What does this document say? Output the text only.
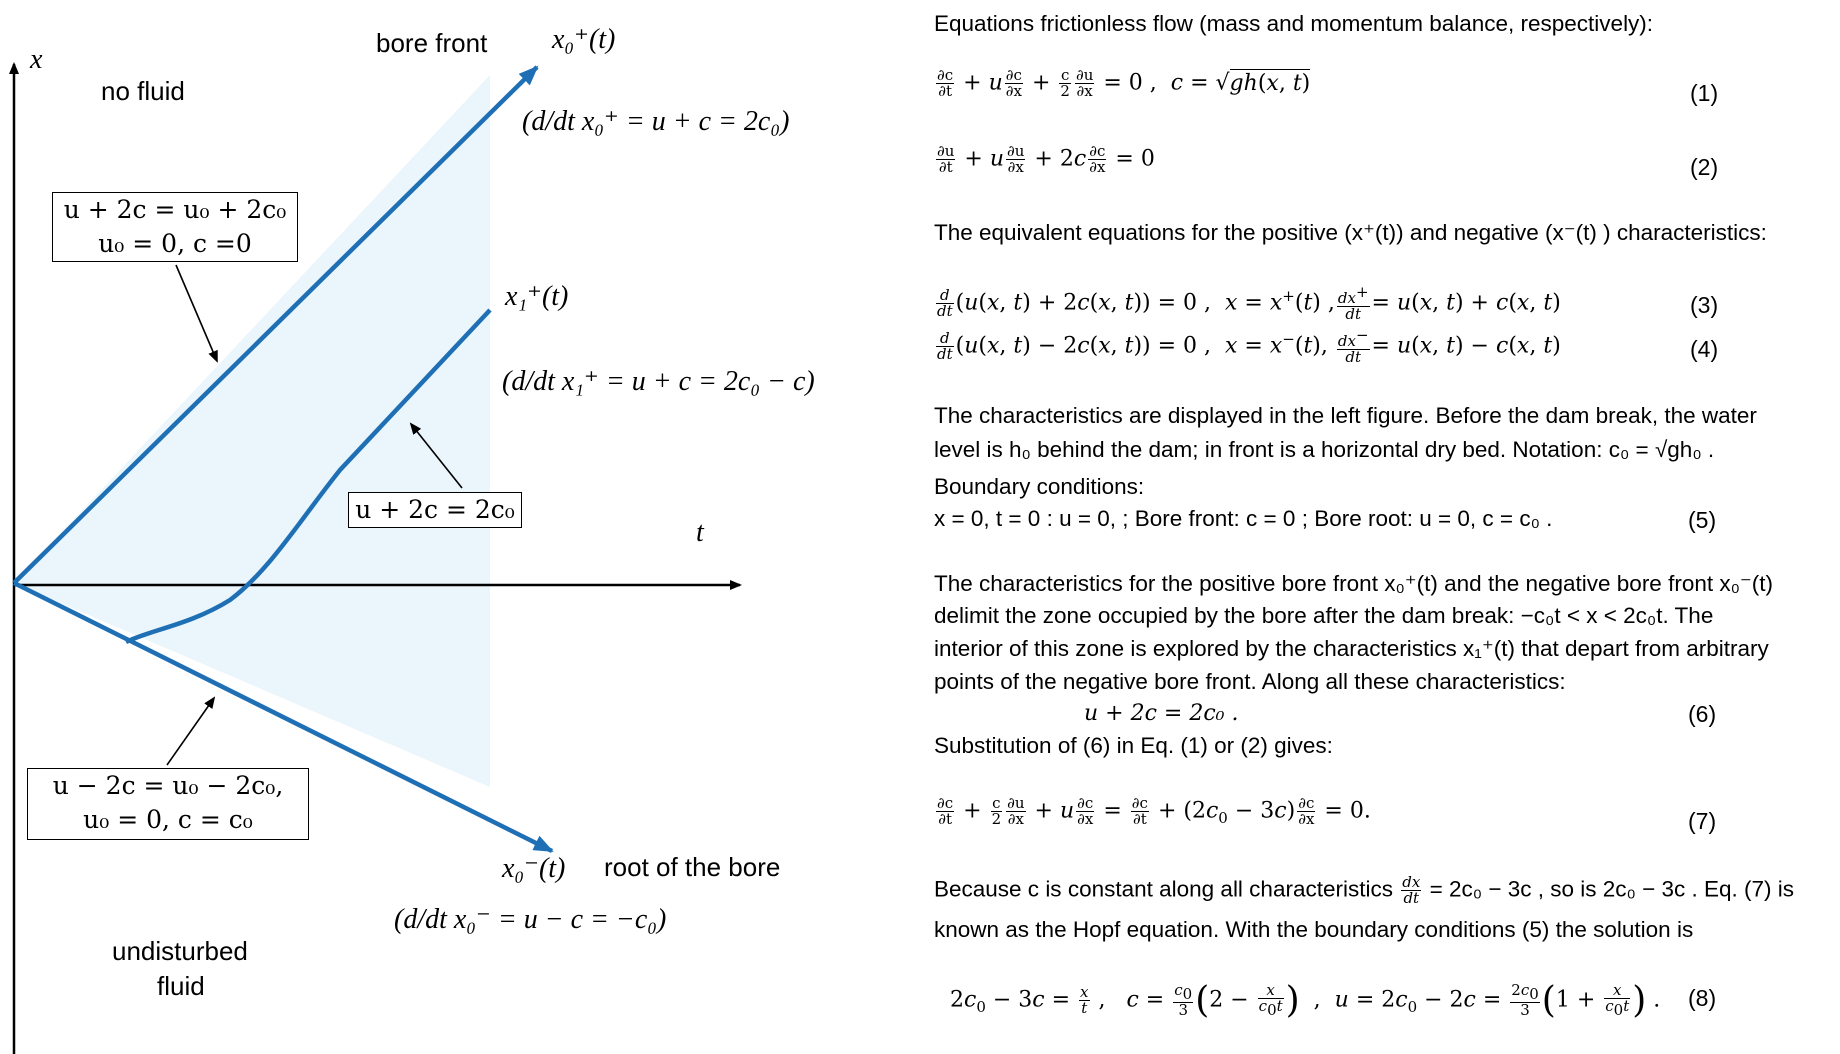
x
t
no fluid
bore front
root of the bore
undisturbed
fluid
x₀⁺(t)
x₁⁺(t)
x₀⁻(t)
(d/dt x₀⁺ = u + c = 2c₀)
(d/dt x₁⁺ = u + c = 2c₀ − c)
(d/dt x₀⁻ = u − c = −c₀)
u + 2c = u₀ + 2c₀
u₀ = 0, c =0
u + 2c = 2c₀
u − 2c = u₀ − 2c₀,
u₀ = 0, c = c₀
Equations frictionless flow (mass and momentum balance, respectively):
$\frac{\partial c}{\partial t} + u \frac{\partial c}{\partial x} + \frac{c}{2} \frac{\partial u}{\partial x} = 0$ ,  c = √gh(x, t)	(1)
$\frac{\partial u}{\partial t} + u \frac{\partial u}{\partial x} + 2c \frac{\partial c}{\partial x} = 0$	(2)
The equivalent equations for the positive (x⁺(t)) and negative (x⁻(t) ) characteristics:
$\frac{d}{dt} (u(x$, t) + 2c(x, t)) = 0 ,  x = x+(t) , $\frac{dx^+}{dt} = u(x$, t) + c(x, t)	(3)
$\frac{d}{dt} (u(x$, t) − 2c(x, t)) = 0 ,  x = x−(t), $\frac{dx^-}{dt} = u(x$, t) − c(x, t)	(4)
The characteristics are displayed in the left figure. Before the dam break, the water
level is h₀ behind the dam; in front is a horizontal dry bed. Notation: c₀ = √gh₀ .
Boundary conditions:
x = 0, t = 0 : u = 0, ; Bore front: c = 0 ; Bore root: u = 0, c = c₀ .	(5)
The characteristics for the positive bore front x₀⁺(t) and the negative bore front x₀⁻(t)
delimit the zone occupied by the bore after the dam break: −c₀t < x < 2c₀t. The
interior of this zone is explored by the characteristics x₁⁺(t) that depart from arbitrary
points of the negative bore front. Along all these characteristics:
u + 2c = 2c₀ .	(6)
Substitution of (6) in Eq. (1) or (2) gives:
$\frac{\partial c}{\partial t} + \frac{c}{2} \frac{\partial u}{\partial x} + u \frac{\partial c}{\partial x} = \frac{\partial c}{\partial t} + (2c_0 - 3c) \frac{\partial c}{\partial x} = 0$.	(7)
Because c is constant along all characteristics $\frac{dx}{dt} = 2c_0 - 3c$ , so is 2c₀ − 3c . Eq. (7) is
known as the Hopf equation. With the boundary conditions (5) the solution is
$2c_0 - 3c = \frac{x}{t}$ ,   $c = \frac{c_0}{3} (2 - \frac{x}{c_0t}$ )  ,  $u = 2c_0 - 2c = \frac{2c_0}{3} (1 + \frac{x}{c_0t}$ ) . (8)
